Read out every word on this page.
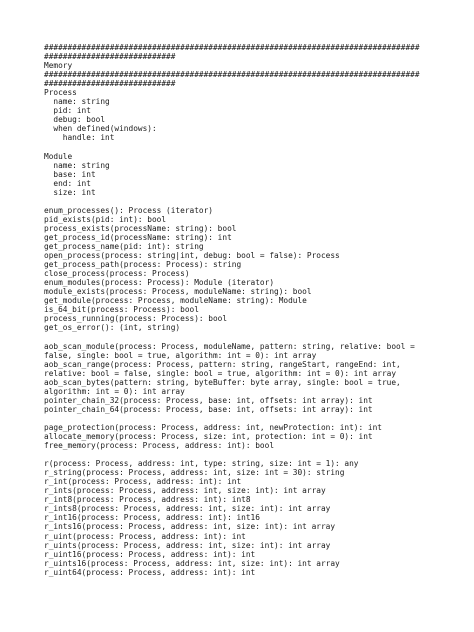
################################################################################
############################
Memory
################################################################################
############################
Process
name: string
pid: int
debug: bool
when defined(windows):
handle: int
Module
name: string
base: int
end: int
size: int
enum_processes(): Process (iterator)
pid_exists(pid: int): bool
process_exists(processName: string): bool
get_process_id(processName: string): int
get_process_name(pid: int): string
open_process(process: string|int, debug: bool = false): Process
get_process_path(process: Process): string
close_process(process: Process)
enum_modules(process: Process): Module (iterator)
module_exists(process: Process, moduleName: string): bool
get_module(process: Process, moduleName: string): Module
is_64_bit(process: Process): bool
process_running(process: Process): bool
get_os_error(): (int, string)
aob_scan_module(process: Process, moduleName, pattern: string, relative: bool =
false, single: bool = true, algorithm: int = 0): int array
aob_scan_range(process: Process, pattern: string, rangeStart, rangeEnd: int,
relative: bool = false, single: bool = true, algorithm: int = 0): int array
aob_scan_bytes(pattern: string, byteBuffer: byte array, single: bool = true,
algorithm: int = 0): int array
pointer_chain_32(process: Process, base: int, offsets: int array): int
pointer_chain_64(process: Process, base: int, offsets: int array): int
page_protection(process: Process, address: int, newProtection: int): int
allocate_memory(process: Process, size: int, protection: int = 0): int
free_memory(process: Process, address: int): bool
r(process: Process, address: int, type: string, size: int = 1): any
r_string(process: Process, address: int, size: int = 30): string
r_int(process: Process, address: int): int
r_ints(process: Process, address: int, size: int): int array
r_int8(process: Process, address: int): int8
r_ints8(process: Process, address: int, size: int): int array
r_int16(process: Process, address: int): int16
r_ints16(process: Process, address: int, size: int): int array
r_uint(process: Process, address: int): int
r_uints(process: Process, address: int, size: int): int array
r_uint16(process: Process, address: int): int
r_uints16(process: Process, address: int, size: int): int array
r_uint64(process: Process, address: int): int
